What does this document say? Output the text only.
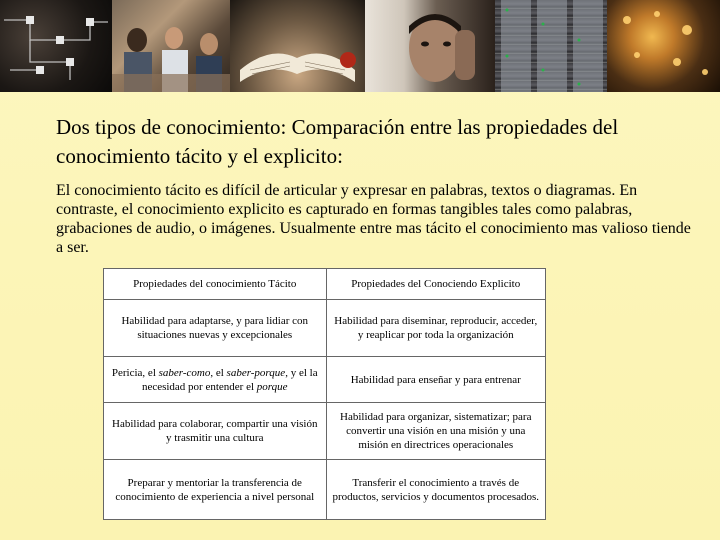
Dos tipos de conocimiento: Comparación entre las propiedades del conocimiento tácito y el explicito:
El conocimiento tácito es difícil de articular y expresar en palabras, textos o diagramas. En contraste, el conocimiento explicito es capturado en formas tangibles tales como palabras, grabaciones de audio, o imágenes. Usualmente entre mas tácito el conocimiento mas valioso tiende a ser.
Propiedades del conocimiento Tácito	Propiedades del Conociendo Explicito
Habilidad para adaptarse, y para lidiar con situaciones nuevas y excepcionales	Habilidad para diseminar, reproducir, acceder, y reaplicar por toda la organización
Pericia, el saber-como, el saber-porque, y el la necesidad por entender el porque	Habilidad para enseñar y para entrenar
Habilidad para colaborar, compartir una visión y trasmitir una cultura	Habilidad para organizar, sistematizar; para convertir una visión en una misión y una misión en directrices operacionales
Preparar y mentoriar la transferencia de conocimiento de experiencia a nivel personal	Transferir el conocimiento a través de productos, servicios y documentos procesados.
